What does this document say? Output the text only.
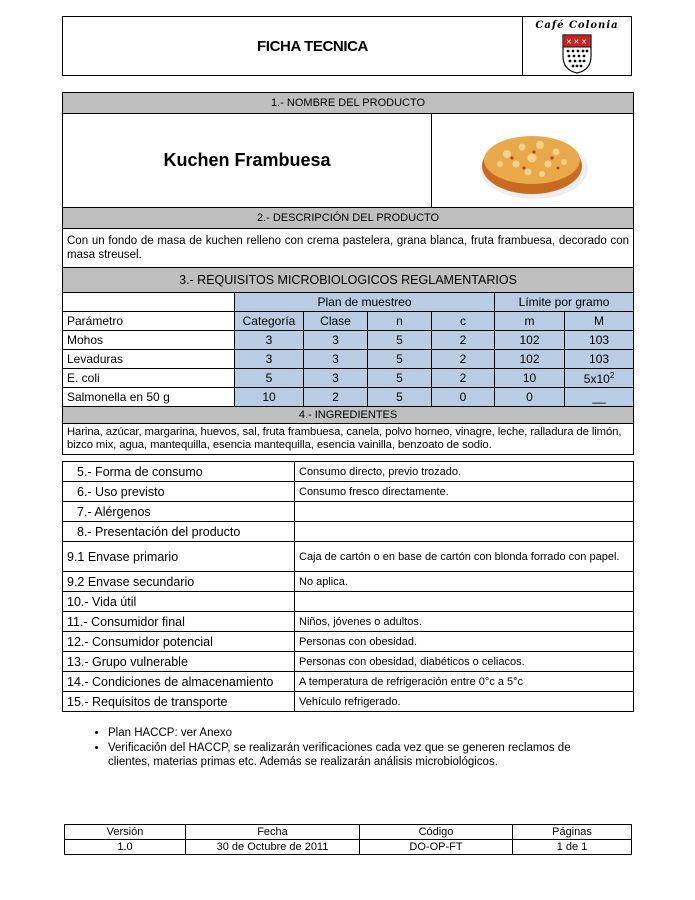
FICHA TECNICA	
Café Colonia
✕ ✕ ✕
1.- NOMBRE DEL PRODUCTO						
Kuchen Frambuesa	
2.- DESCRIPCIÓN DEL PRODUCTO						
Con un fondo de masa de kuchen relleno con crema pastelera, grana blanca, fruta frambuesa, decorado con masa streusel.						
3.- REQUISITOS MICROBIOLOGICOS REGLAMENTARIOS						
	Plan de muestreo				Límite por gramo	
Parámetro	Categoría	Clase	n	c	m	M
Mohos	3	3	5	2	102	103
Levaduras	3	3	5	2	102	103
E. coli	5	3	5	2	10	$5x10^2$
Salmonella en 50 g	10	2	5	0	0	__
4.- INGREDIENTES						
Harina, azúcar, margarina, huevos, sal, fruta frambuesa, canela, polvo horneo, vinagre, leche, ralladura de limón, bizco mix, agua, mantequilla, esencia mantequilla, esencia vainilla, benzoato de sodio.						
5.- Forma de consumo	Consumo directo, previo trozado.
6.- Uso previsto	Consumo fresco directamente.
7.- Alérgenos	
8.- Presentación del producto	
9.1 Envase primario	Caja de cartón o en base de cartón con blonda forrado con papel.
9.2 Envase secundario	No aplica.
10.- Vida útil	
11.- Consumidor final	Niños, jóvenes o adultos.
12.- Consumidor potencial	Personas con obesidad.
13.- Grupo vulnerable	Personas con obesidad, diabéticos o celiacos.
14.- Condiciones de almacenamiento	A temperatura de refrigeración entre 0°c a 5°c
15.- Requisitos de transporte	Vehículo refrigerado.
• Plan HACCP: ver Anexo
• Verificación del HACCP, se realizarán verificaciones cada vez que se generen reclamos de clientes, materias primas etc. Además se realizarán análisis microbiológicos.
Versión	Fecha	Código	Páginas
1.0	30 de Octubre de 2011	DO-OP-FT	1 de 1
